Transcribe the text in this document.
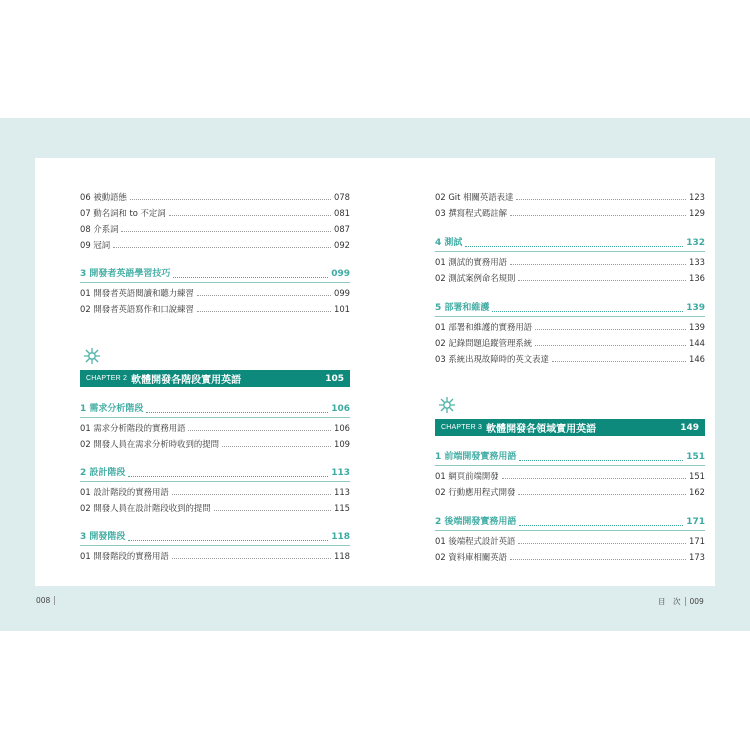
06 被動語態	078
07 動名詞和 to 不定詞	081
08 介系詞	087
09 冠詞	092
3 開發者英語學習技巧	099
01 開發者英語閱讀和聽力練習	099
02 開發者英語寫作和口說練習	101
CHAPTER 2 軟體開發各階段實用英語	105
1 需求分析階段	106
01 需求分析階段的實務用語	106
02 開發人員在需求分析時收到的提問	109
2 設計階段	113
01 設計階段的實務用語	113
02 開發人員在設計階段收到的提問	115
3 開發階段	118
01 開發階段的實務用語	118
02 Git 相關英語表達	123
03 撰寫程式碼註解	129
4 測試	132
01 測試的實務用語	133
02 測試案例命名規則	136
5 部署和維護	139
01 部署和維護的實務用語	139
02 記錄問題追蹤管理系統	144
03 系統出現故障時的英文表達	146
CHAPTER 3 軟體開發各領域實用英語	149
1 前端開發實務用語	151
01 網頁前端開發	151
02 行動應用程式開發	162
2 後端開發實務用語	171
01 後端程式設計英語	171
02 資料庫相關英語	173
008	目　次 009
